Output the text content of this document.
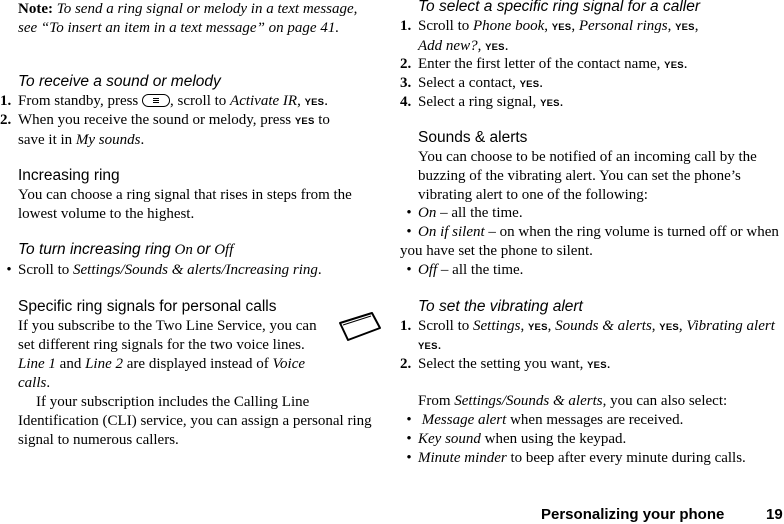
Note: To send a ring signal or melody in a text message, see “To insert an item in a text message” on page 41.
To receive a sound or melody
1. From standby, press , scroll to Activate IR, YES.
2. When you receive the sound or melody, press YES to
save it in My sounds.
Increasing ring
You can choose a ring signal that rises in steps from the lowest volume to the highest.
To turn increasing ring On or Off
• Scroll to Settings/Sounds & alerts/Increasing ring.
Specific ring signals for personal calls
If you subscribe to the Two Line Service, you can set different ring signals for the two voice lines. Line 1 and Line 2 are displayed instead of Voice calls.
If your subscription includes the Calling Line Identification (CLI) service, you can assign a personal ring signal to numerous callers.
To select a specific ring signal for a caller
1. Scroll to Phone book, YES, Personal rings, YES,
Add new?, YES.
2. Enter the first letter of the contact name, YES.
3. Select a contact, YES.
4. Select a ring signal, YES.
Sounds & alerts
You can choose to be notified of an incoming call by the buzzing of the vibrating alert. You can set the phone’s vibrating alert to one of the following:
• On – all the time.
• On if silent – on when the ring volume is turned off or when you have set the phone to silent.
• Off – all the time.
To set the vibrating alert
1. Scroll to Settings, YES, Sounds & alerts, YES, Vibrating alert

YES.
2. Select the setting you want, YES.
From Settings/Sounds & alerts, you can also select:
• Message alert when messages are received.
• Key sound when using the keypad.
• Minute minder to beep after every minute during calls.
Personalizing your phone	19
